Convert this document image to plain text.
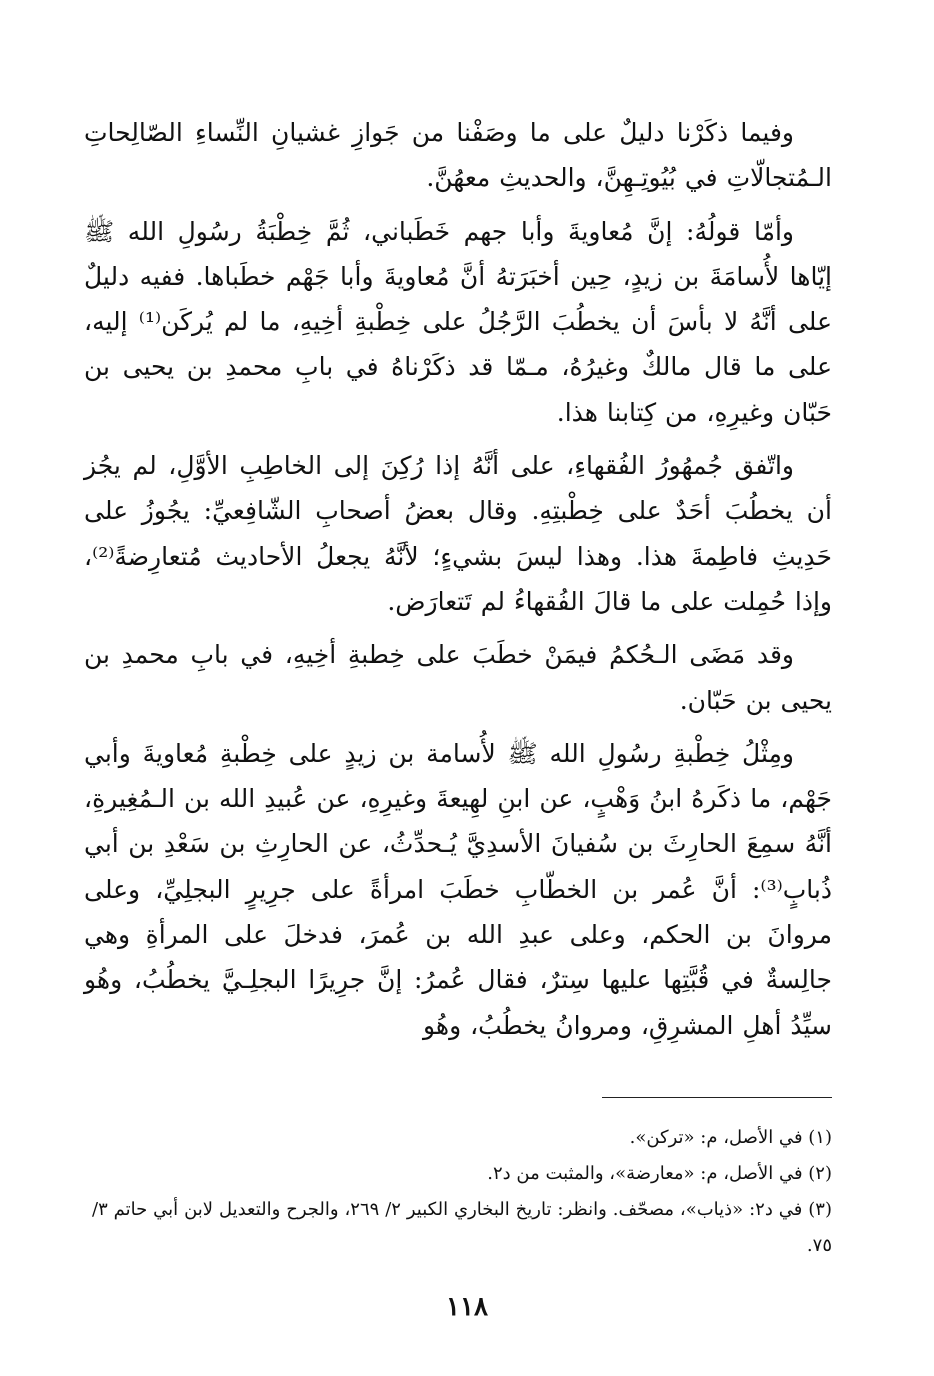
وفيما ذكَرْنا دليلٌ على ما وصَفْنا من جَوازِ غشيانِ النِّساءِ الصّالِحاتِ الـمُتجالّاتِ في بُيُوتِـهِنَّ، والحديثِ معهُنَّ.

وأمّا قولُهُ: إنَّ مُعاويةَ وأبا جهم خَطَباني، ثُمَّ خِطْبَةُ رسُولِ الله ﷺ إيّاها لأُسامَةَ بن زيدٍ، حِين أخبَرَتهُ أنَّ مُعاويةَ وأبا جَهْم خطَباها. ففيه دليلٌ على أنَّهُ لا بأسَ أن يخطُبَ الرَّجُلُ على خِطْبةِ أخِيهِ، ما لم يُركَن⁽¹⁾ إليه، على ما قال مالكٌ وغيرُهُ، مـمّا قد ذكَرْناهُ في بابِ محمدِ بن يحيى بن حَبّان وغيرِهِ، من كِتابنا هذا.

واتّفق جُمهُورُ الفُقهاءِ، على أنَّهُ إذا رُكِنَ إلى الخاطِبِ الأوَّلِ، لم يجُز أن يخطُبَ أحَدٌ على خِطْبتِهِ. وقال بعضُ أصحابِ الشّافِعيِّ: يجُوزُ على حَدِيثِ فاطِمةَ هذا. وهذا ليسَ بشيءٍ؛ لأنَّهُ يجعلُ الأحاديث مُتعارِضةً⁽²⁾، وإذا حُمِلت على ما قالَ الفُقهاءُ لم تَتعارَض.

وقد مَضَى الـحُكمُ فيمَنْ خطَبَ على خِطبةِ أخِيهِ، في بابِ محمدِ بن يحيى بن حَبّان.

ومِثْلُ خِطْبةِ رسُولِ الله ﷺ لأُسامة بن زيدٍ على خِطْبةِ مُعاويةَ وأبي جَهْم، ما ذكَرهُ ابنُ وَهْبٍ، عن ابنِ لهِيعةَ وغيرِهِ، عن عُبيدِ الله بن الـمُغِيرةِ، أنَّهُ سمِعَ الحارِثَ بن سُفيانَ الأسدِيَّ يُـحدِّثُ، عن الحارِثِ بن سَعْدِ بن أبي ذُبابٍ⁽³⁾: أنَّ عُمر بن الخطّابِ خطَبَ امرأةً على جرِيرٍ البجلِيِّ، وعلى مروانَ بن الحكم، وعلى عبدِ الله بن عُمرَ، فدخلَ على المرأةِ وهي جالِسةٌ في قُبَّتِها عليها سِترٌ، فقال عُمرُ: إنَّ جرِيرًا البجلِـيَّ يخطُبُ، وهُو سيِّدُ أهلِ المشرِقِ، ومروانُ يخطُبُ، وهُو

(١) في الأصل، م: «تركن».

(٢) في الأصل، م: «معارضة»، والمثبت من د٢.

(٣) في د٢: «ذياب»، مصحّف. وانظر: تاريخ البخاري الكبير ٢/ ٢٦٩، والجرح والتعديل لابن أبي حاتم ٣/ ٧٥.

١١٨
